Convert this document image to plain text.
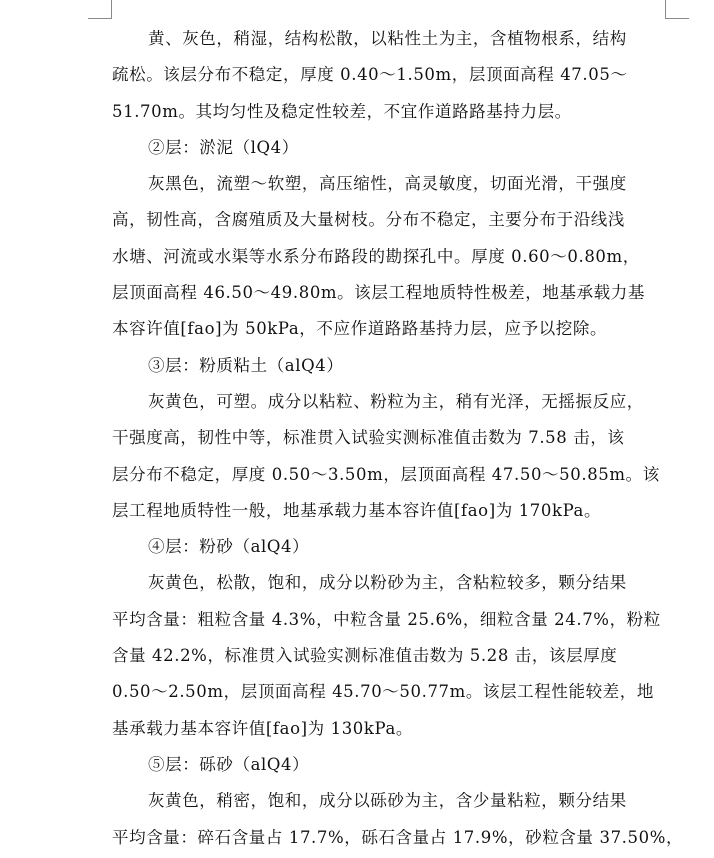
黄、灰色，稍湿，结构松散，以粘性土为主，含植物根系，结构
疏松。该层分布不稳定，厚度 0.40～1.50m，层顶面高程 47.05～
51.70m。其均匀性及稳定性较差，不宜作道路路基持力层。
②层：淤泥（lQ4）
灰黑色，流塑～软塑，高压缩性，高灵敏度，切面光滑，干强度
高，韧性高，含腐殖质及大量树枝。分布不稳定，主要分布于沿线浅
水塘、河流或水渠等水系分布路段的勘探孔中。厚度 0.60～0.80m，
层顶面高程 46.50～49.80m。该层工程地质特性极差，地基承载力基
本容许值[fao]为 50kPa，不应作道路路基持力层，应予以挖除。
③层：粉质粘土（alQ4）
灰黄色，可塑。成分以粘粒、粉粒为主，稍有光泽，无摇振反应，
干强度高，韧性中等，标准贯入试验实测标准值击数为 7.58 击，该
层分布不稳定，厚度 0.50～3.50m，层顶面高程 47.50～50.85m。该
层工程地质特性一般，地基承载力基本容许值[fao]为 170kPa。
④层：粉砂（alQ4）
灰黄色，松散，饱和，成分以粉砂为主，含粘粒较多，颗分结果
平均含量：粗粒含量 4.3%，中粒含量 25.6%，细粒含量 24.7%，粉粒
含量 42.2%，标准贯入试验实测标准值击数为 5.28 击，该层厚度
0.50～2.50m，层顶面高程 45.70～50.77m。该层工程性能较差，地
基承载力基本容许值[fao]为 130kPa。
⑤层：砾砂（alQ4）
灰黄色，稍密，饱和，成分以砾砂为主，含少量粘粒，颗分结果
平均含量：碎石含量占 17.7%，砾石含量占 17.9%，砂粒含量 37.50%，
